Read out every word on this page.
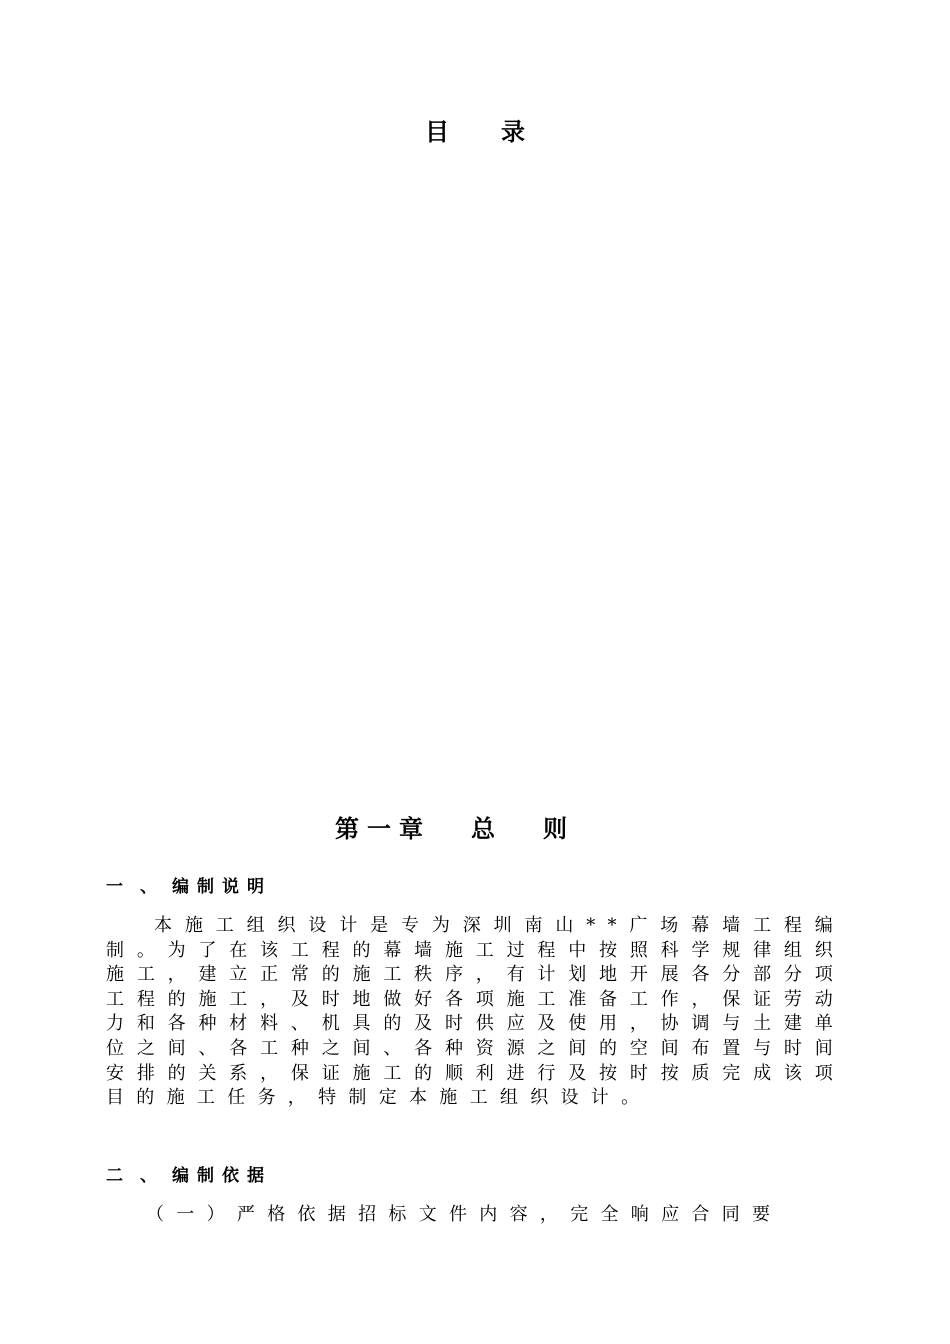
目录
第一章 总则
一、编制说明
本施工组织设计是专为深圳南山**广场幕墙工程编制。为了在该工程的幕墙施工过程中按照科学规律组织施工，建立正常的施工秩序，有计划地开展各分部分项工程的施工，及时地做好各项施工准备工作，保证劳动力和各种材料、机具的及时供应及使用，协调与土建单位之间、各工种之间、各种资源之间的空间布置与时间安排的关系，保证施工的顺利进行及按时按质完成该项目的施工任务，特制定本施工组织设计。
二、编制依据
（一）严格依据招标文件内容，完全响应合同要
